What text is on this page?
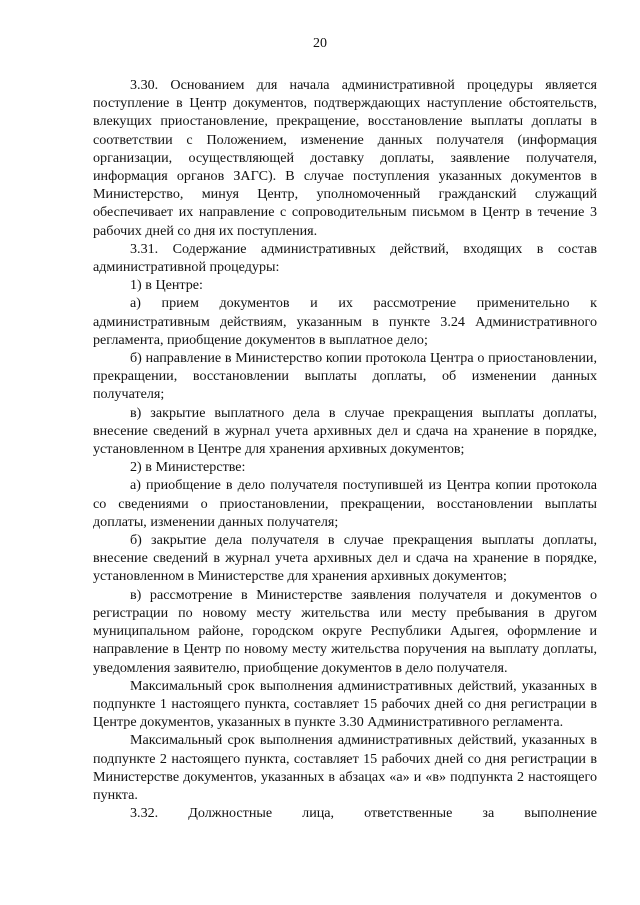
20

3.30. Основанием для начала административной процедуры является поступление в Центр документов, подтверждающих наступление обстоятельств, влекущих приостановление, прекращение, восстановление выплаты доплаты в соответствии с Положением, изменение данных получателя (информация организации, осуществляющей доставку доплаты, заявление получателя, информация органов ЗАГС). В случае поступления указанных документов в Министерство, минуя Центр, уполномоченный гражданский служащий обеспечивает их направление с сопроводительным письмом в Центр в течение 3 рабочих дней со дня их поступления.

3.31. Содержание административных действий, входящих в состав административной процедуры:

1) в Центре:

а) прием документов и их рассмотрение применительно к административным действиям, указанным в пункте 3.24 Административного регламента, приобщение документов в выплатное дело;

б) направление в Министерство копии протокола Центра о приостановлении, прекращении, восстановлении выплаты доплаты, об изменении данных получателя;

в) закрытие выплатного дела в случае прекращения выплаты доплаты, внесение сведений в журнал учета архивных дел и сдача на хранение в порядке, установленном в Центре для хранения архивных документов;

2) в Министерстве:

а) приобщение в дело получателя поступившей из Центра копии протокола со сведениями о приостановлении, прекращении, восстановлении выплаты доплаты, изменении данных получателя;

б) закрытие дела получателя в случае прекращения выплаты доплаты, внесение сведений в журнал учета архивных дел и сдача на хранение в порядке, установленном в Министерстве для хранения архивных документов;

в) рассмотрение в Министерстве заявления получателя и документов о регистрации по новому месту жительства или месту пребывания в другом муниципальном районе, городском округе Республики Адыгея, оформление и направление в Центр по новому месту жительства поручения на выплату доплаты, уведомления заявителю, приобщение документов в дело получателя.

Максимальный срок выполнения административных действий, указанных в подпункте 1 настоящего пункта, составляет 15 рабочих дней со дня регистрации в Центре документов, указанных в пункте 3.30 Административного регламента.

Максимальный срок выполнения административных действий, указанных в подпункте 2 настоящего пункта, составляет 15 рабочих дней со дня регистрации в Министерстве документов, указанных в абзацах «а» и «в» подпункта 2 настоящего пункта.

3.32. Должностные лица, ответственные за выполнение
